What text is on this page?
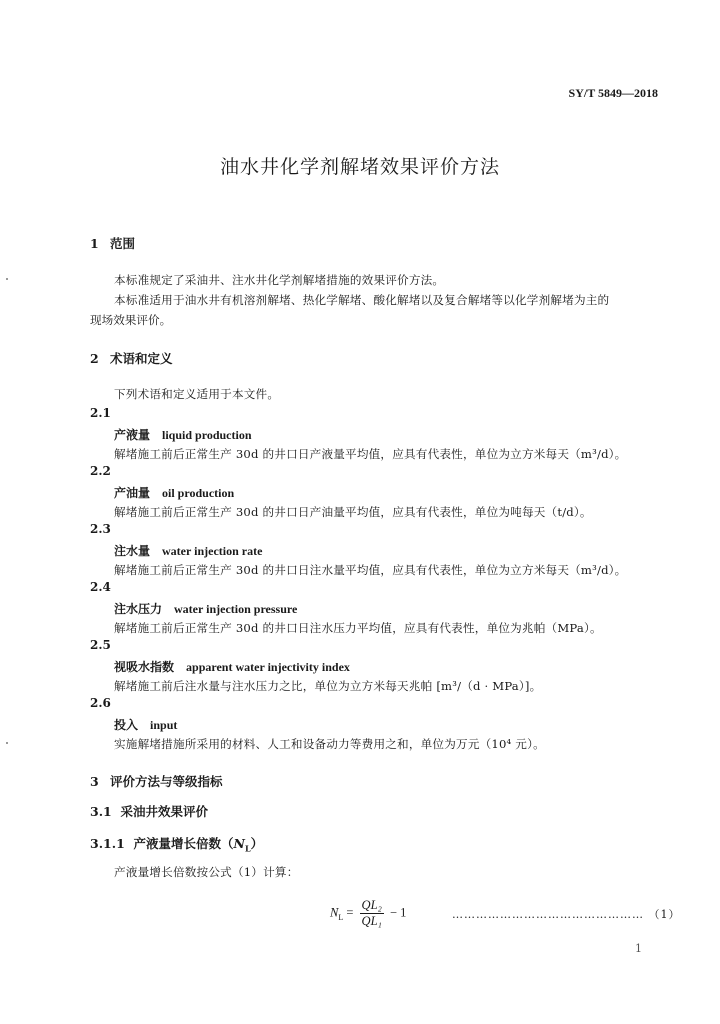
SY/T 5849—2018
油水井化学剂解堵效果评价方法
1 范围
本标准规定了采油井、注水井化学剂解堵措施的效果评价方法。
本标准适用于油水井有机溶剂解堵、热化学解堵、酸化解堵以及复合解堵等以化学剂解堵为主的
现场效果评价。
2 术语和定义
下列术语和定义适用于本文件。
2.1
产液量 liquid production
解堵施工前后正常生产 30d 的井口日产液量平均值，应具有代表性，单位为立方米每天（m³/d）。
2.2
产油量 oil production
解堵施工前后正常生产 30d 的井口日产油量平均值，应具有代表性，单位为吨每天（t/d）。
2.3
注水量 water injection rate
解堵施工前后正常生产 30d 的井口日注水量平均值，应具有代表性，单位为立方米每天（m³/d）。
2.4
注水压力 water injection pressure
解堵施工前后正常生产 30d 的井口日注水压力平均值，应具有代表性，单位为兆帕（MPa）。
2.5
视吸水指数 apparent water injectivity index
解堵施工前后注水量与注水压力之比，单位为立方米每天兆帕 [m³/（d · MPa）]。
2.6
投入 input
实施解堵措施所采用的材料、人工和设备动力等费用之和，单位为万元（10⁴ 元）。
3 评价方法与等级指标
3.1 采油井效果评价
3.1.1 产液量增长倍数$(N_L)$
产液量增长倍数按公式（1）计算：
$N_L = \frac{\text{QL₂}}{\text{QL₁}} - 1$	………………………………………… （1）
1
